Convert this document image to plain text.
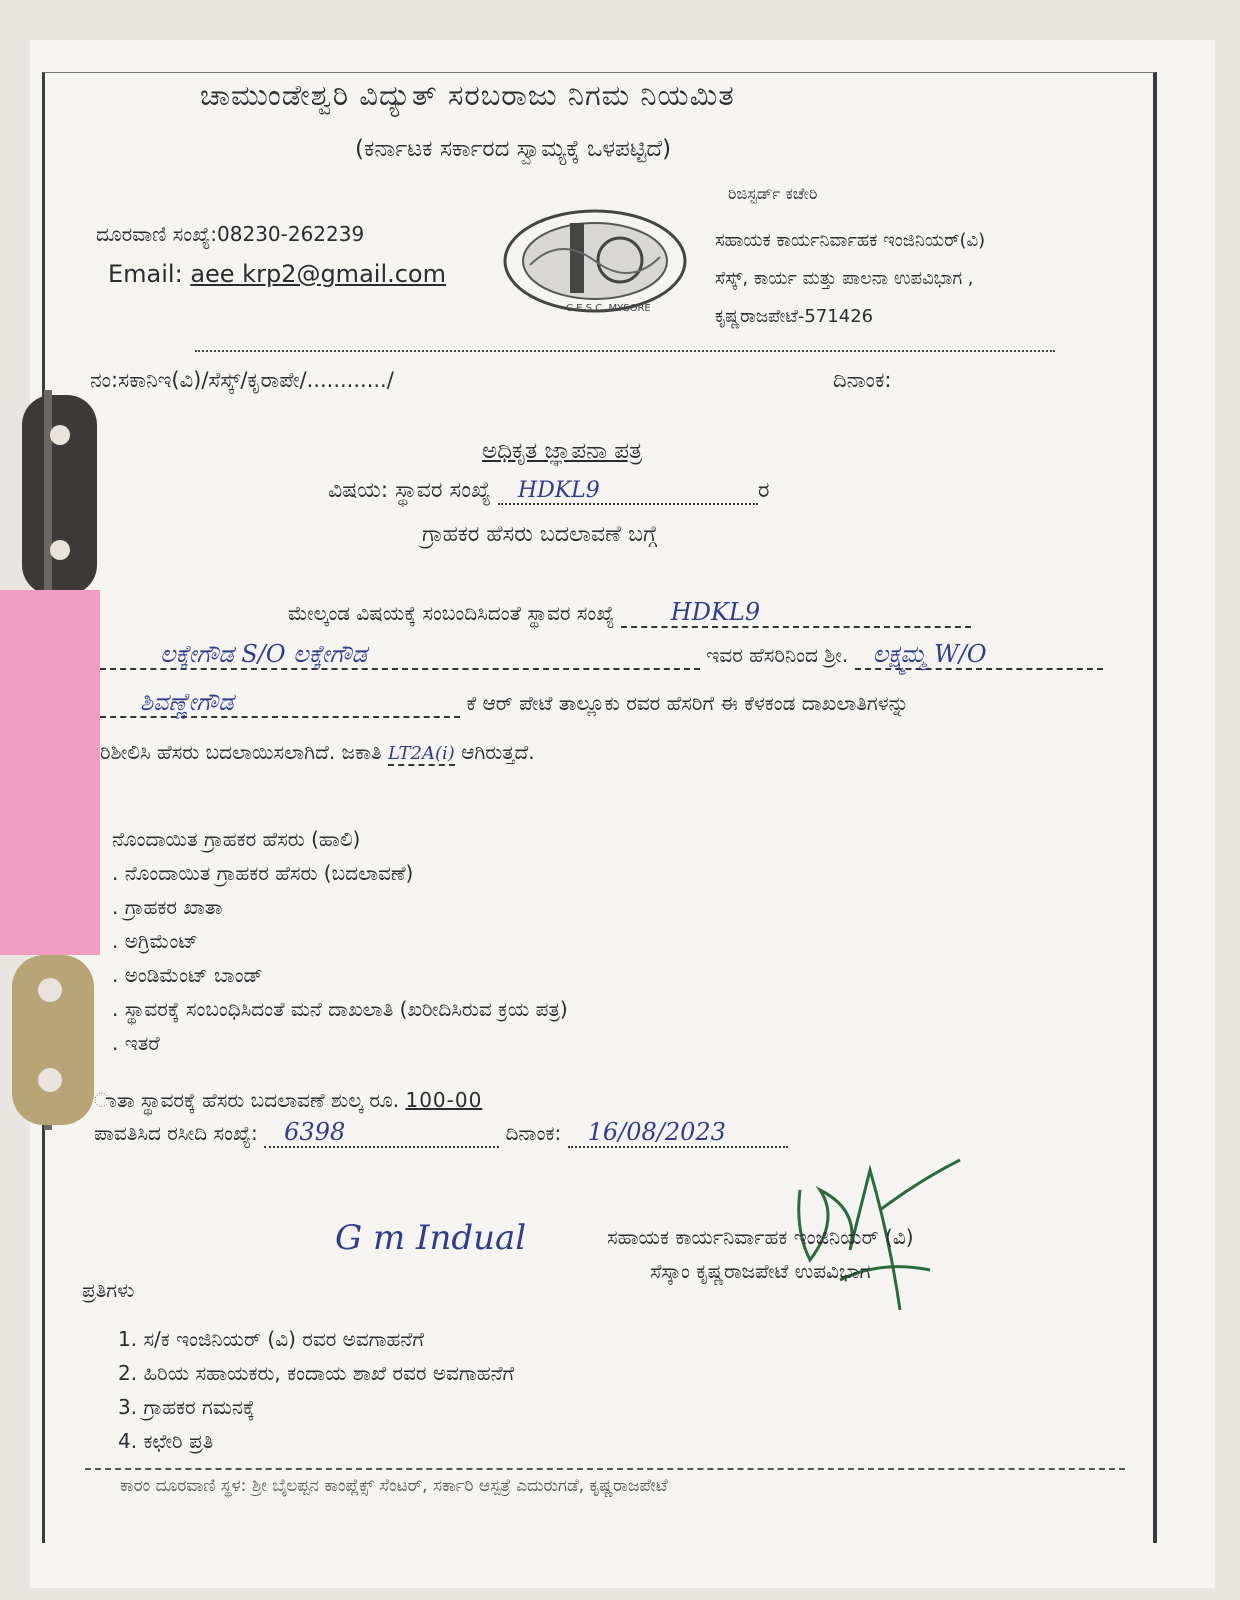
ಚಾಮುಂಡೇಶ್ವರಿ ವಿದ್ಯುತ್ ಸರಬರಾಜು ನಿಗಮ ನಿಯಮಿತ
(ಕರ್ನಾಟಕ ಸರ್ಕಾರದ ಸ್ವಾಮ್ಯಕ್ಕೆ ಒಳಪಟ್ಟಿದೆ)
ರಿಜಿಸ್ಟರ್ಡ್ ಕಚೇರಿ
ದೂರವಾಣಿ ಸಂಖ್ಯೆ:08230-262239
Email: aee krp2@gmail.com
C.E.S.C, MYSORE
ಸಹಾಯಕ ಕಾರ್ಯನಿರ್ವಾಹಕ ಇಂಜಿನಿಯರ್(ವಿ)
ಸೆಸ್ಕ್, ಕಾರ್ಯ ಮತ್ತು ಪಾಲನಾ ಉಪವಿಭಾಗ ,
ಕೃಷ್ಣರಾಜಪೇಟೆ-571426
ನಂ:ಸಕಾನಿಇ(ವಿ)/ಸೆಸ್ಕ್/ಕೃರಾಪೇ/............/	ದಿನಾಂಕ:
ಅಧಿಕೃತ ಜ್ಞಾಪನಾ ಪತ್ರ
ವಿಷಯ: ಸ್ಥಾವರ ಸಂಖ್ಯೆ HDKL9	ರ
ಗ್ರಾಹಕರ ಹೆಸರು ಬದಲಾವಣೆ ಬಗ್ಗೆ
ಮೇಲ್ಕಂಡ ವಿಷಯಕ್ಕೆ ಸಂಬಂದಿಸಿದಂತೆ ಸ್ಥಾವರ ಸಂಖ್ಯೆ HDKL9
ಲಕ್ಕೇಗೌಡ S/O ಲಕ್ಕೇಗೌಡ	ಇವರ ಹೆಸರಿನಿಂದ ಶ್ರೀ. ಲಕ್ಷ್ಮಮ್ಮ W/O
ಶಿವಣ್ಣೇಗೌಡ	ಕೆ ಆರ್ ಪೇಟೆ ತಾಲ್ಲೂಕು ರವರ ಹೆಸರಿಗೆ ಈ ಕೆಳಕಂಡ ದಾಖಲಾತಿಗಳನ್ನು
ರಿಶೀಲಿಸಿ ಹೆಸರು ಬದಲಾಯಿಸಲಾಗಿದೆ. ಜಕಾತಿ LT2A(i) ಆಗಿರುತ್ತದೆ.
ನೊಂದಾಯಿತ ಗ್ರಾಹಕರ ಹೆಸರು (ಹಾಲಿ)
. ನೊಂದಾಯಿತ ಗ್ರಾಹಕರ ಹೆಸರು (ಬದಲಾವಣೆ)
. ಗ್ರಾಹಕರ ಖಾತಾ
. ಅಗ್ರಿಮೆಂಟ್
. ಅಂಡಿಮೆಂಟ್ ಬಾಂಡ್
. ಸ್ಥಾವರಕ್ಕೆ ಸಂಬಂಧಿಸಿದಂತೆ ಮನೆ ದಾಖಲಾತಿ (ಖರೀದಿಸಿರುವ ಕ್ರಯ ಪತ್ರ)
. ಇತರೆ
ಾತಾ ಸ್ಥಾವರಕ್ಕೆ ಹೆಸರು ಬದಲಾವಣೆ ಶುಲ್ಕ ರೂ. 100-00
ಪಾವತಿಸಿದ ರಸೀದಿ ಸಂಖ್ಯೆ: 6398	ದಿನಾಂಕ: 16/08/2023
G m Indual	ಸಹಾಯಕ ಕಾರ್ಯನಿರ್ವಾಹಕ ಇಂಜಿನಿಯರ್ (ವಿ)
ಸೆಸ್ಕಾಂ ಕೃಷ್ಣರಾಜಪೇಟೆ ಉಪವಿಭಾಗ
ಪ್ರತಿಗಳು
1. ಸ/ಕ ಇಂಜಿನಿಯರ್ (ವಿ) ರವರ ಅವಗಾಹನೆಗೆ
2. ಹಿರಿಯ ಸಹಾಯಕರು, ಕಂದಾಯ ಶಾಖೆ ರವರ ಅವಗಾಹನೆಗೆ
3. ಗ್ರಾಹಕರ ಗಮನಕ್ಕೆ
4. ಕಛೇರಿ ಪ್ರತಿ
ಕಾರಂ ದೂರವಾಣಿ ಸ್ಥಳ: ಶ್ರೀ ಬೈಲಪ್ಪನ ಕಾಂಪ್ಲೆಕ್ಸ್ ಸೆಂಟರ್, ಸರ್ಕಾರಿ ಆಸ್ಪತ್ರೆ ಎದುರುಗಡೆ, ಕೃಷ್ಣರಾಜಪೇಟೆ
